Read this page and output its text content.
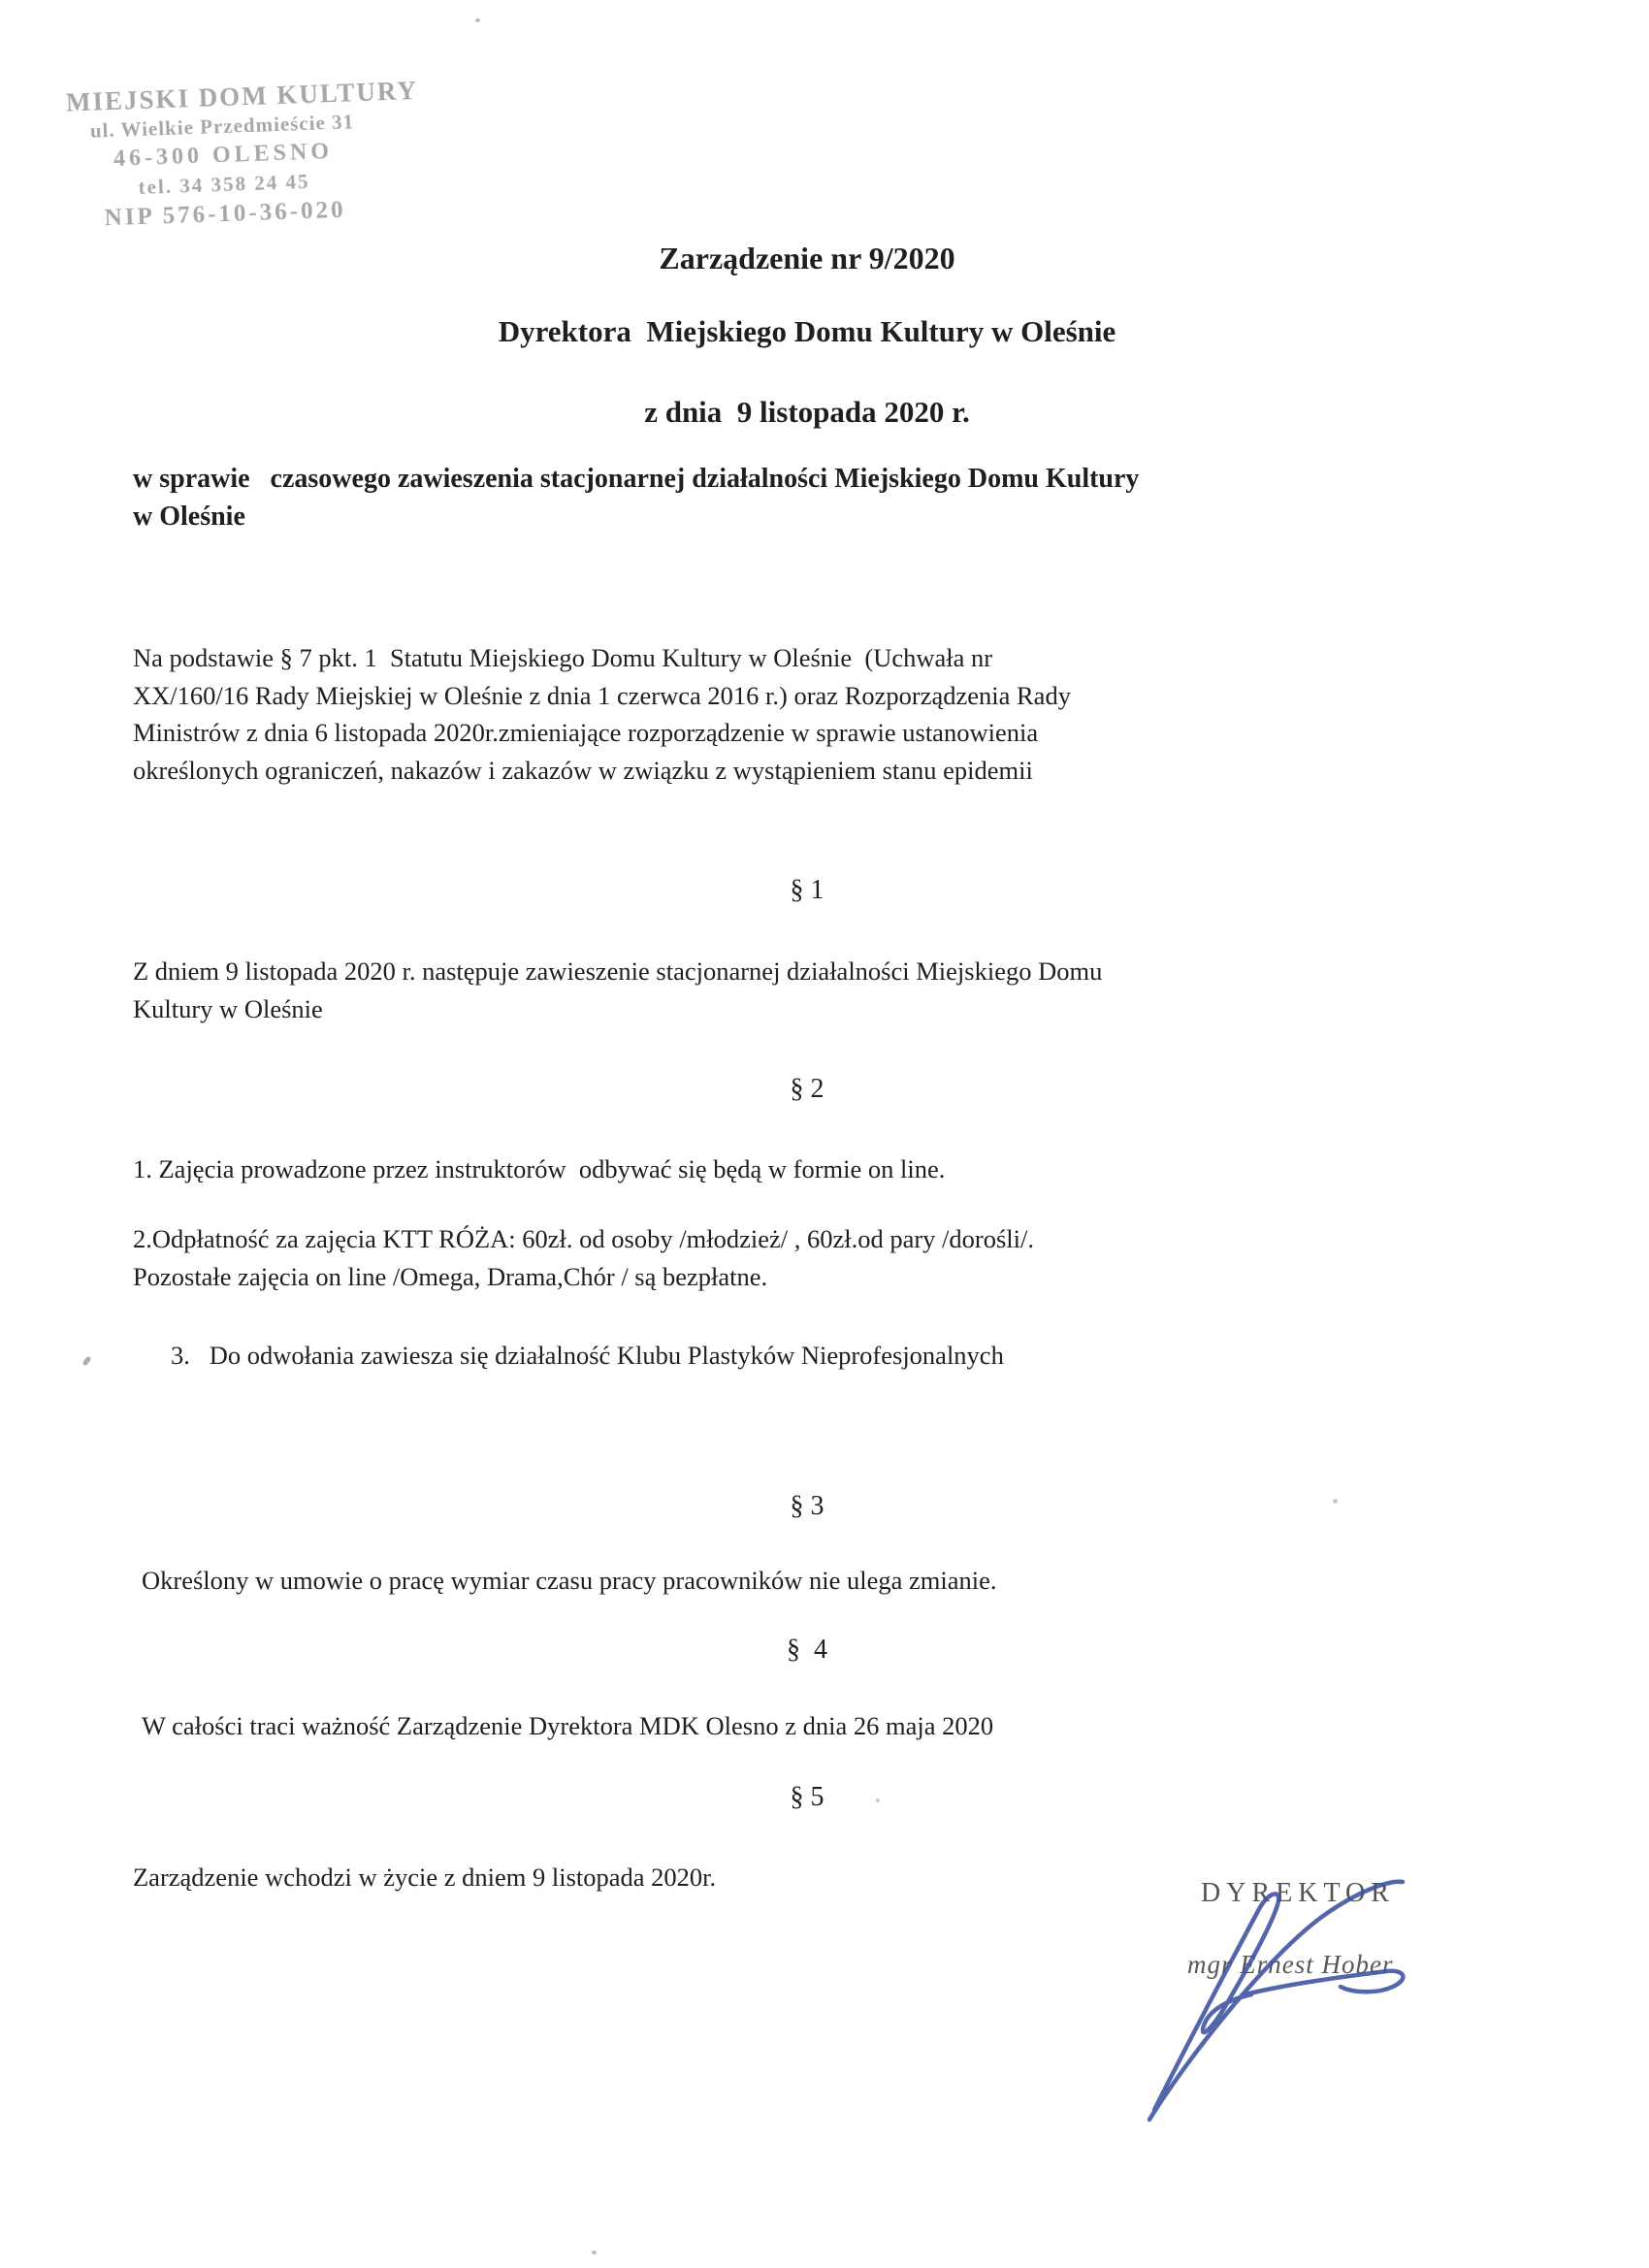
MIEJSKI DOM KULTURY
ul. Wielkie Przedmieście 31
46-300 OLESNO
tel. 34 358 24 45
NIP 576-10-36-020
Zarządzenie nr 9/2020
Dyrektora  Miejskiego Domu Kultury w Oleśnie
z dnia  9 listopada 2020 r.
w sprawie   czasowego zawieszenia stacjonarnej działalności Miejskiego Domu Kultury
w Oleśnie
Na podstawie § 7 pkt. 1  Statutu Miejskiego Domu Kultury w Oleśnie  (Uchwała nr
XX/160/16 Rady Miejskiej w Oleśnie z dnia 1 czerwca 2016 r.) oraz Rozporządzenia Rady
Ministrów z dnia 6 listopada 2020r.zmieniające rozporządzenie w sprawie ustanowienia
określonych ograniczeń, nakazów i zakazów w związku z wystąpieniem stanu epidemii
§ 1
Z dniem 9 listopada 2020 r. następuje zawieszenie stacjonarnej działalności Miejskiego Domu
Kultury w Oleśnie
§ 2
1. Zajęcia prowadzone przez instruktorów  odbywać się będą w formie on line.
2.Odpłatność za zajęcia KTT RÓŻA: 60zł. od osoby /młodzież/ , 60zł.od pary /dorośli/.
Pozostałe zajęcia on line /Omega, Drama,Chór / są bezpłatne.
3.   Do odwołania zawiesza się działalność Klubu Plastyków Nieprofesjonalnych
§ 3
Określony w umowie o pracę wymiar czasu pracy pracowników nie ulega zmianie.
§  4
W całości traci ważność Zarządzenie Dyrektora MDK Olesno z dnia 26 maja 2020
§ 5
Zarządzenie wchodzi w życie z dniem 9 listopada 2020r.
DYREKTOR
mgr Ernest Hober
